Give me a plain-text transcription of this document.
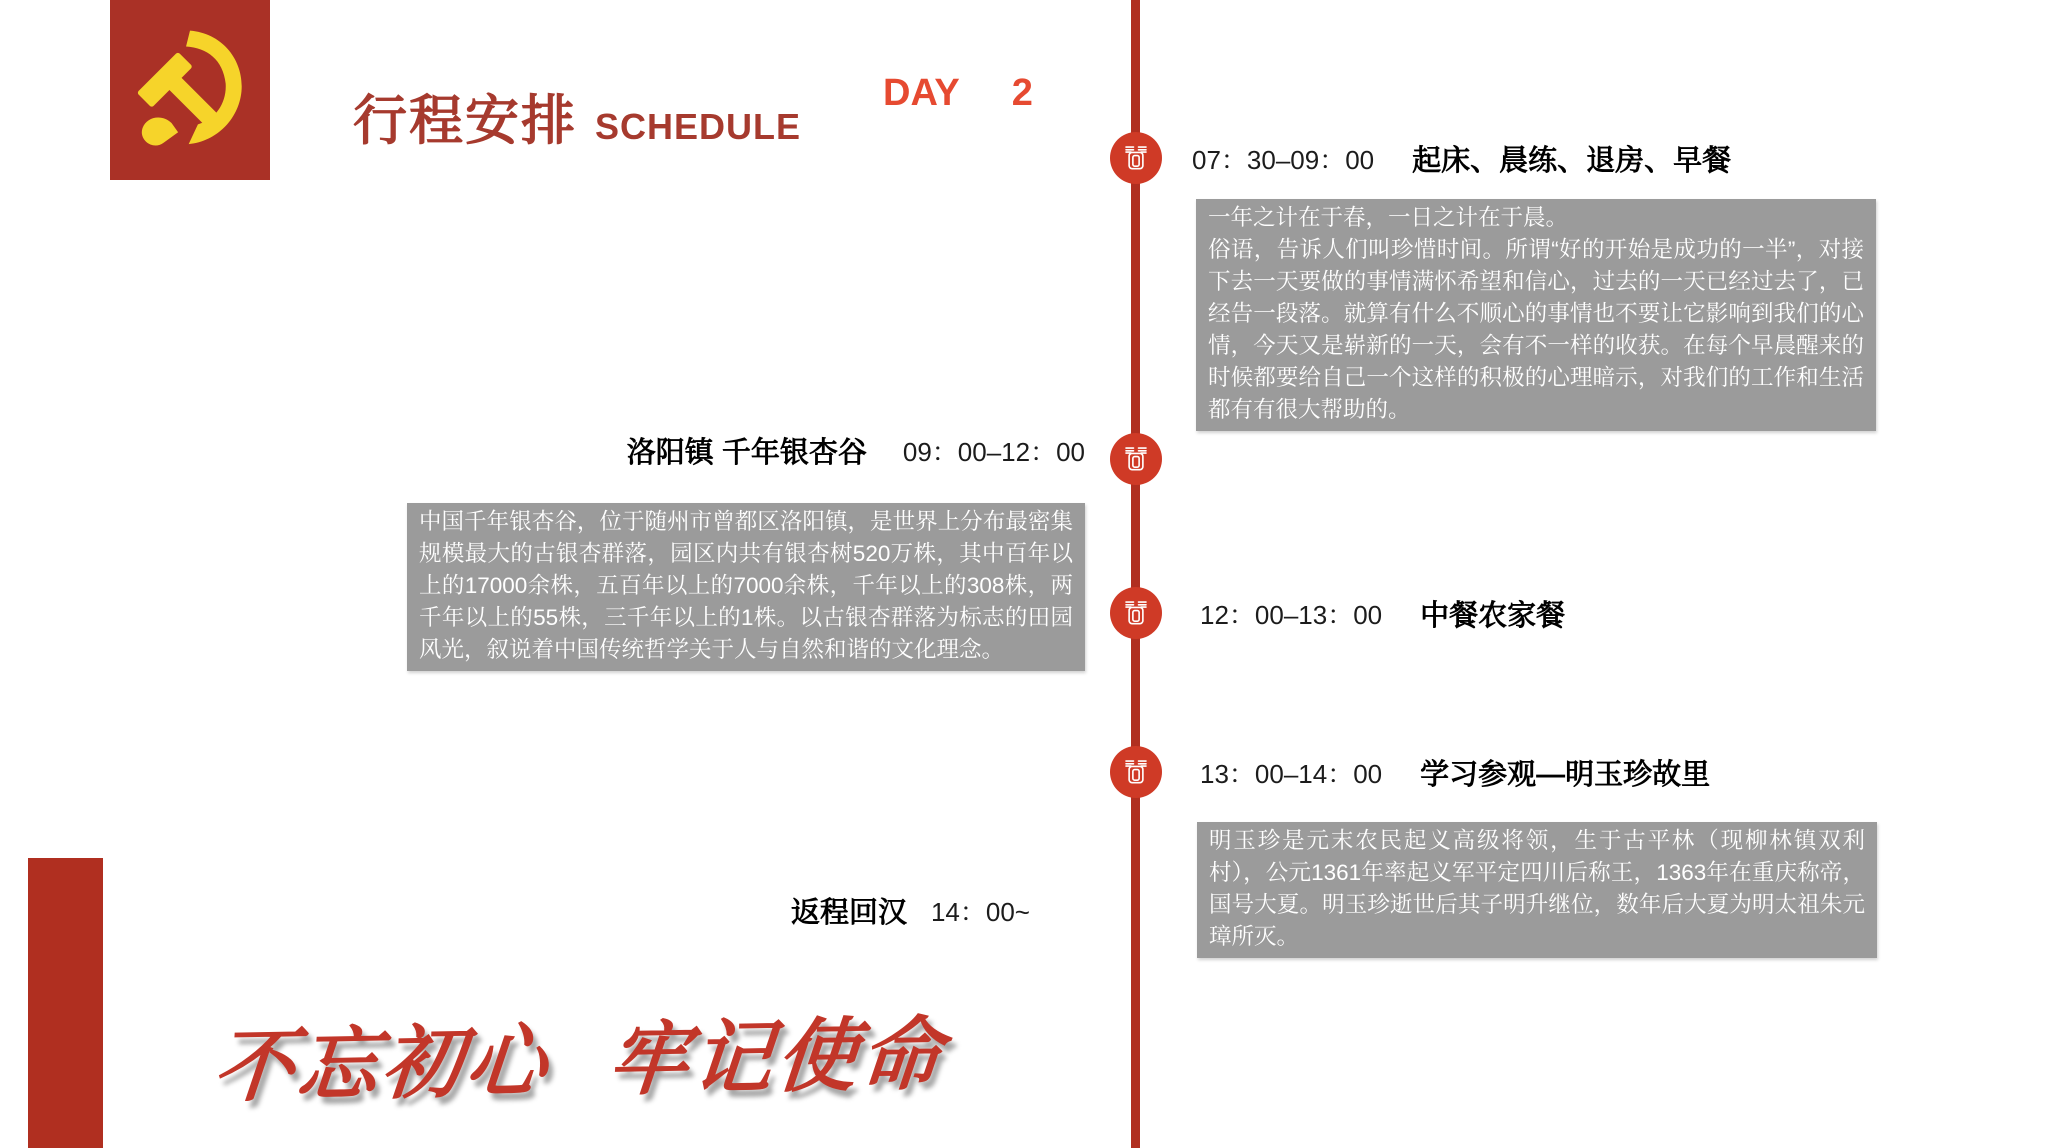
行程安排 SCHEDULE
DAY 2
07：30–09：00 起床、晨练、退房、早餐
一年之计在于春，一日之计在于晨。
俗语，告诉人们叫珍惜时间。所谓“好的开始是成功的一半”，对接下去一天要做的事情满怀希望和信心，过去的一天已经过去了，已经告一段落。就算有什么不顺心的事情也不要让它影响到我们的心情，今天又是崭新的一天，会有不一样的收获。在每个早晨醒来的时候都要给自己一个这样的积极的心理暗示，对我们的工作和生活都有有很大帮助的。
洛阳镇 千年银杏谷 09：00–12：00
中国千年银杏谷，位于随州市曾都区洛阳镇，是世界上分布最密集规模最大的古银杏群落，园区内共有银杏树520万株，其中百年以上的17000余株，五百年以上的7000余株，千年以上的308株，两千年以上的55株，三千年以上的1株。以古银杏群落为标志的田园风光，叙说着中国传统哲学关于人与自然和谐的文化理念。
12：00–13：00 中餐农家餐
13：00–14：00 学习参观—明玉珍故里
明玉珍是元末农民起义高级将领，生于古平林（现柳林镇双利村），公元1361年率起义军平定四川后称王，1363年在重庆称帝，国号大夏。明玉珍逝世后其子明升继位，数年后大夏为明太祖朱元璋所灭。
返程回汉 14：00~
不忘初心 牢记使命
